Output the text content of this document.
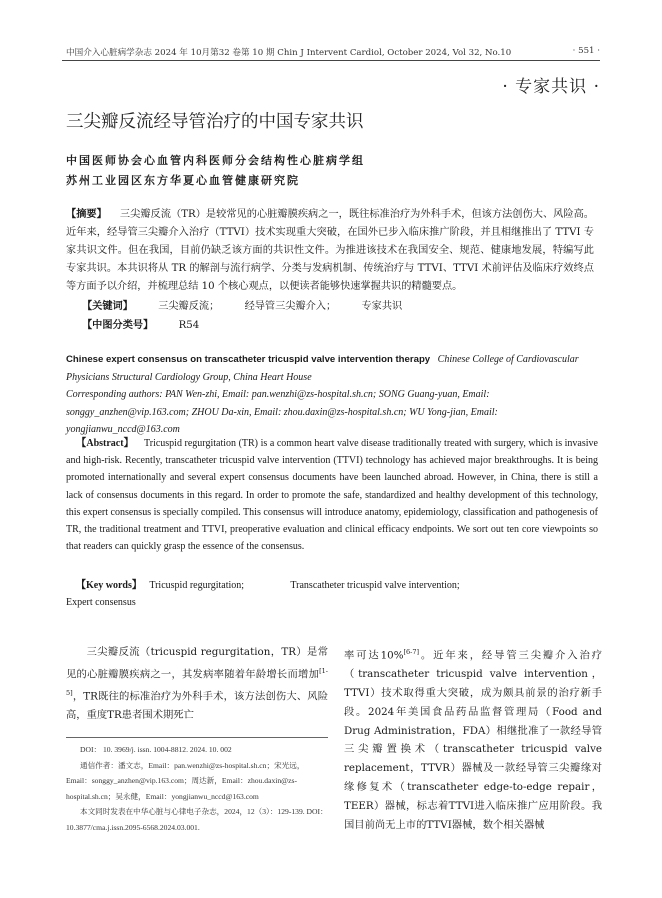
中国介入心脏病学杂志 2024 年 10月第32 卷第 10 期 Chin J Intervent Cardiol, October 2024, Vol 32, No.10	· 551 ·
· 专家共识 ·
三尖瓣反流经导管治疗的中国专家共识
中国医师协会心血管内科医师分会结构性心脏病学组
苏州工业园区东方华夏心血管健康研究院
【摘要】 三尖瓣反流（TR）是较常见的心脏瓣膜疾病之一，既往标准治疗为外科手术，但该方法创伤大、风险高。近年来，经导管三尖瓣介入治疗（TTVI）技术实现重大突破，在国外已步入临床推广阶段，并且相继推出了 TTVI 专家共识文件。但在我国，目前仍缺乏该方面的共识性文件。为推进该技术在我国安全、规范、健康地发展，特编写此专家共识。本共识将从 TR 的解剖与流行病学、分类与发病机制、传统治疗与 TTVI、TTVI 术前评估及临床疗效终点等方面予以介绍，并梳理总结 10 个核心观点，以便读者能够快速掌握共识的精髓要点。
【关键词】 三尖瓣反流； 经导管三尖瓣介入； 专家共识
【中图分类号】 R54
Chinese expert consensus on transcatheter tricuspid valve intervention therapy Chinese College of Cardiovascular Physicians Structural Cardiology Group, China Heart House
Corresponding authors: PAN Wen-zhi, Email: pan.wenzhi@zs-hospital.sh.cn; SONG Guang-yuan, Email: songgy_anzhen@vip.163.com; ZHOU Da-xin, Email: zhou.daxin@zs-hospital.sh.cn; WU Yong-jian, Email: yongjianwu_nccd@163.com
【Abstract】 Tricuspid regurgitation (TR) is a common heart valve disease traditionally treated with surgery, which is invasive and high-risk. Recently, transcatheter tricuspid valve intervention (TTVI) technology has achieved major breakthroughs. It is being promoted internationally and several expert consensus documents have been launched abroad. However, in China, there is still a lack of consensus documents in this regard. In order to promote the safe, standardized and healthy development of this technology, this expert consensus is specially compiled. This consensus will introduce anatomy, epidemiology, classification and pathogenesis of TR, the traditional treatment and TTVI, preoperative evaluation and clinical efficacy endpoints. We sort out ten core viewpoints so that readers can quickly grasp the essence of the consensus.
【Key words】 Tricuspid regurgitation;	Transcatheter tricuspid valve intervention;
Expert consensus
三尖瓣反流（tricuspid regurgitation，TR）是常见的心脏瓣膜疾病之一，其发病率随着年龄增长而增加[1-5]，TR既往的标准治疗为外科手术，该方法创伤大、风险高，重度TR患者围术期死亡
DOI： 10. 3969/j. issn. 1004-8812. 2024. 10. 002
通信作者：潘文志，Email：pan.wenzhi@zs-hospital.sh.cn；宋光远，Email：songgy_anzhen@vip.163.com；周达新，Email：zhou.daxin@zs-hospital.sh.cn；吴永健，Email：yongjianwu_nccd@163.com
本文同时发表在中华心脏与心律电子杂志，2024，12（3）：129-139. DOI：10.3877/cma.j.issn.2095-6568.2024.03.001.
率可达10%[6-7]。近年来，经导管三尖瓣介入治疗（transcatheter tricuspid valve intervention，TTVI）技术取得重大突破，成为颇具前景的治疗新手段。2024年美国食品药品监督管理局（Food and Drug Administration，FDA）相继批准了一款经导管三尖瓣置换术（transcatheter tricuspid valve replacement，TTVR）器械及一款经导管三尖瓣缘对缘修复术（transcatheter edge-to-edge repair，TEER）器械，标志着TTVI进入临床推广应用阶段。我国目前尚无上市的TTVI器械，数个相关器械
